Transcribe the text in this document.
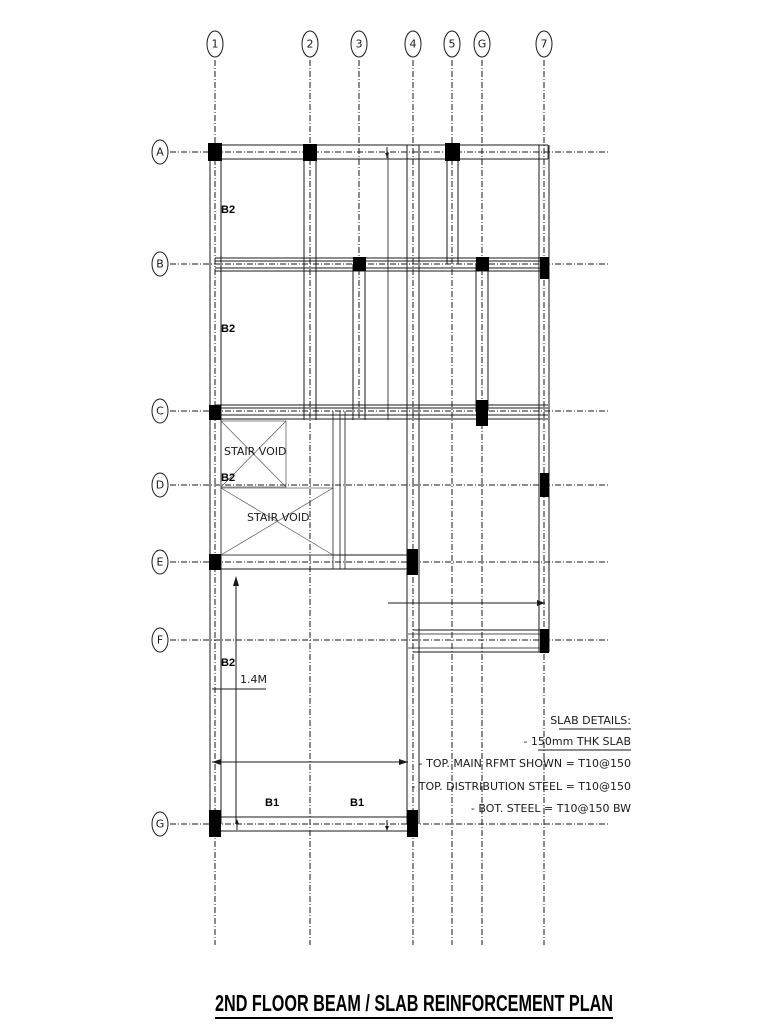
1	2	3	4	5 G	7
A
B
C
D
E
F
G
STAIR VOID
STAIR VOID
1.4M
B2
B2
B2
B2
B1	B1
SLAB DETAILS:
- 150mm THK SLAB
- TOP. MAIN RFMT SHOWN = T10@150
- TOP. DISTRIBUTION STEEL = T10@150
- BOT. STEEL = T10@150 BW
2ND FLOOR BEAM / SLAB REINFORCEMENT PLAN
